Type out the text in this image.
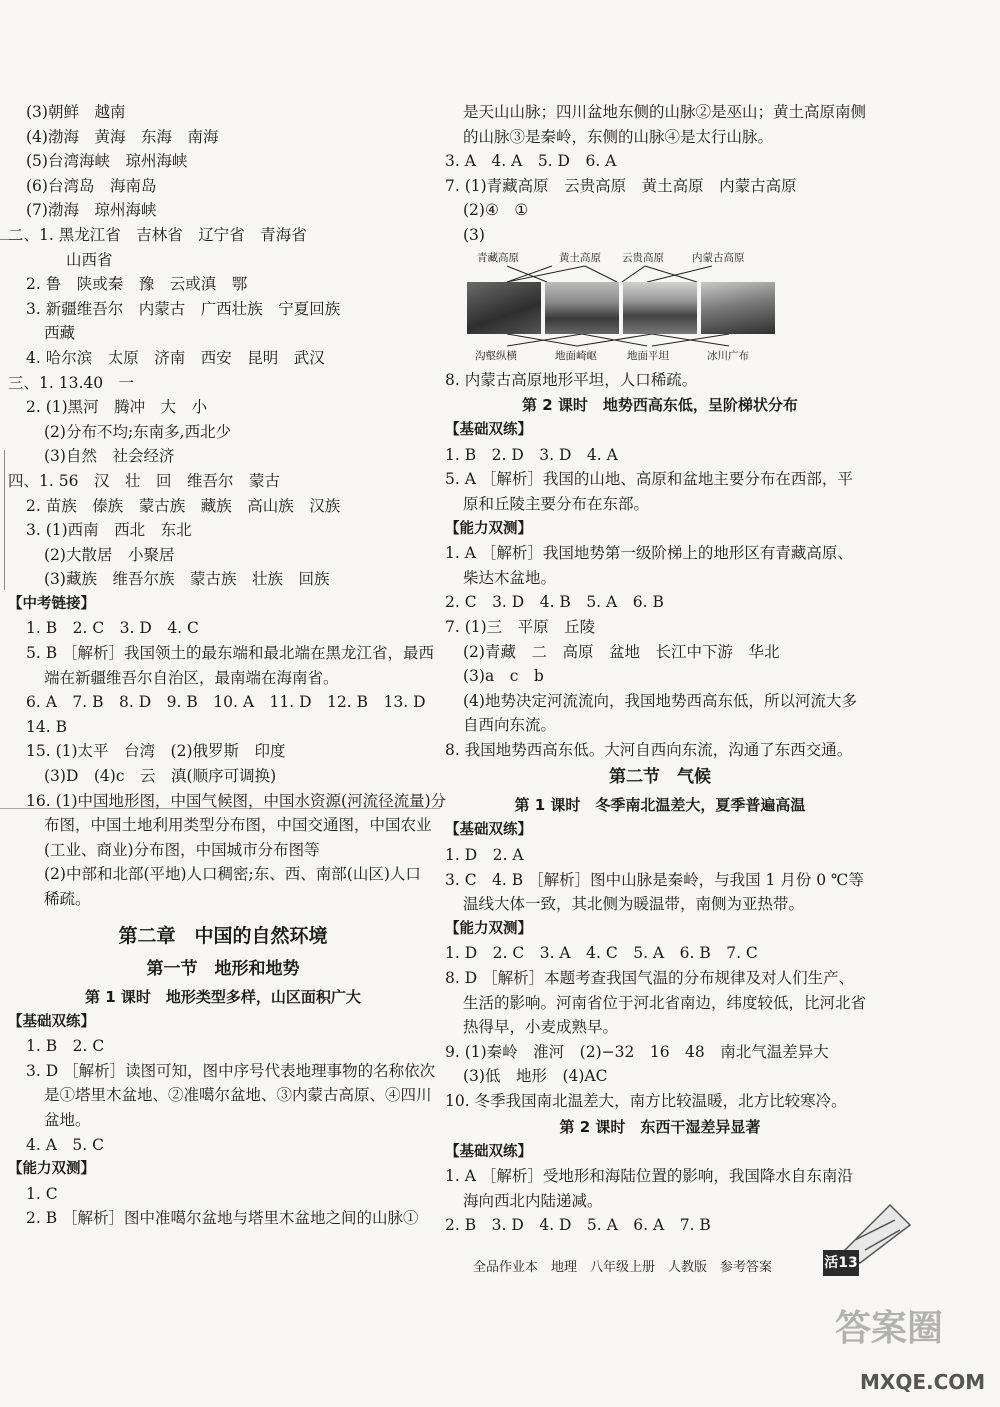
(3)朝鲜　越南
(4)渤海　黄海　东海　南海
(5)台湾海峡　琼州海峡
(6)台湾岛　海南岛
(7)渤海　琼州海峡
二、1. 黑龙江省　吉林省　辽宁省　青海省
山西省
2. 鲁　陕或秦　豫　云或滇　鄂
3. 新疆维吾尔　内蒙古　广西壮族　宁夏回族
西藏
4. 哈尔滨　太原　济南　西安　昆明　武汉
三、1. 13.40　一
2. (1)黑河　腾冲　大　小
(2)分布不均;东南多,西北少
(3)自然　社会经济
四、1. 56　汉　壮　回　维吾尔　蒙古
2. 苗族　傣族　蒙古族　藏族　高山族　汉族
3. (1)西南　西北　东北
(2)大散居　小聚居
(3)藏族　维吾尔族　蒙古族　壮族　回族
【中考链接】
1. B　2. C　3. D　4. C
5. B ［解析］我国领土的最东端和最北端在黑龙江省，最西
端在新疆维吾尔自治区，最南端在海南省。
6. A　7. B　8. D　9. B　10. A　11. D　12. B　13. D
14. B
15. (1)太平　台湾　(2)俄罗斯　印度
(3)D　(4)c　云　滇(顺序可调换)
16. (1)中国地形图，中国气候图，中国水资源(河流径流量)分
布图，中国土地利用类型分布图，中国交通图，中国农业
(工业、商业)分布图，中国城市分布图等
(2)中部和北部(平地)人口稠密;东、西、南部(山区)人口
稀疏。
第二章　中国的自然环境
第一节　地形和地势
第 1 课时　地形类型多样，山区面积广大
【基础双练】
1. B　2. C
3. D ［解析］读图可知，图中序号代表地理事物的名称依次
是①塔里木盆地、②准噶尔盆地、③内蒙古高原、④四川
盆地。
4. A　5. C
【能力双测】
1. C
2. B ［解析］图中准噶尔盆地与塔里木盆地之间的山脉①
是天山山脉；四川盆地东侧的山脉②是巫山；黄土高原南侧
的山脉③是秦岭，东侧的山脉④是太行山脉。
3. A　4. A　5. D　6. A
7. (1)青藏高原　云贵高原　黄土高原　内蒙古高原
(2)④　①
(3)
青藏高原	黄土高原 云贵高原	内蒙古高原
沟壑纵横	地面崎岖	地面平坦	冰川广布
8. 内蒙古高原地形平坦，人口稀疏。
第 2 课时　地势西高东低，呈阶梯状分布
【基础双练】
1. B　2. D　3. D　4. A
5. A ［解析］我国的山地、高原和盆地主要分布在西部，平
原和丘陵主要分布在东部。
【能力双测】
1. A ［解析］我国地势第一级阶梯上的地形区有青藏高原、
柴达木盆地。
2. C　3. D　4. B　5. A　6. B
7. (1)三　平原　丘陵
(2)青藏　二　高原　盆地　长江中下游　华北
(3)a　c　b
(4)地势决定河流流向，我国地势西高东低，所以河流大多
自西向东流。
8. 我国地势西高东低。大河自西向东流，沟通了东西交通。
第二节　气候
第 1 课时　冬季南北温差大，夏季普遍高温
【基础双练】
1. D　2. A
3. C　4. B ［解析］图中山脉是秦岭，与我国 1 月份 0 ℃等
温线大体一致，其北侧为暖温带，南侧为亚热带。
【能力双测】
1. D　2. C　3. A　4. C　5. A　6. B　7. C
8. D ［解析］本题考查我国气温的分布规律及对人们生产、
生活的影响。河南省位于河北省南边，纬度较低，比河北省
热得早，小麦成熟早。
9. (1)秦岭　淮河　(2)−32　16　48　南北气温差异大
(3)低　地形　(4)AC
10. 冬季我国南北温差大，南方比较温暖，北方比较寒冷。
第 2 课时　东西干湿差异显著
【基础双练】
1. A ［解析］受地形和海陆位置的影响，我国降水自东南沿
海向西北内陆递减。
2. B　3. D　4. D　5. A　6. A　7. B
全品作业本　地理　八年级上册　人教版　参考答案	活13
答案圈
MXQE.COM
